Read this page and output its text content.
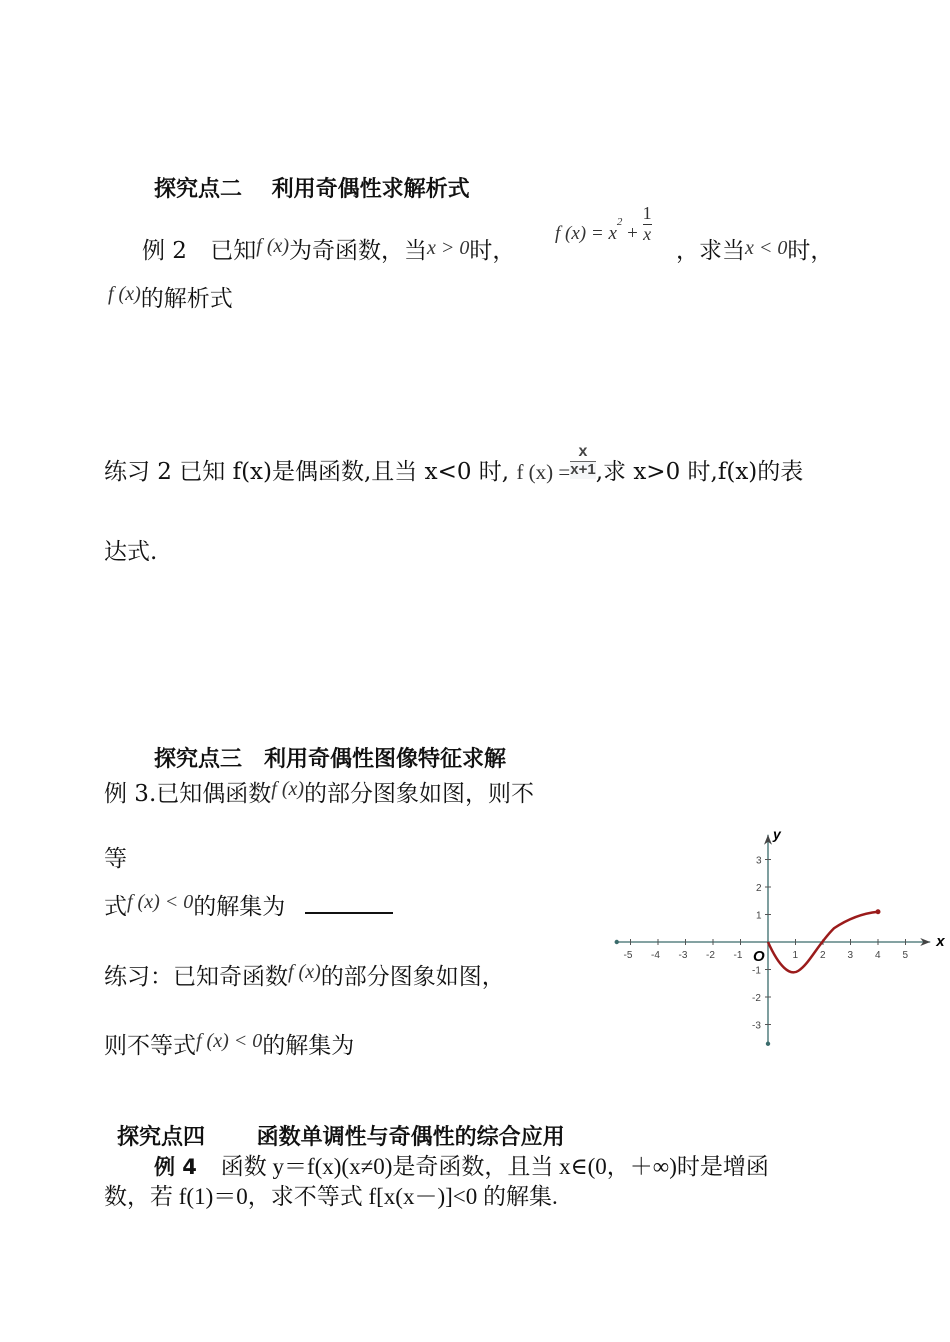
探究点二　 利用奇偶性求解析式
例 2 已知f (x)为奇函数，当x > 0时，
f $(x) = x^2 + \frac{1}{x}$
，求当x < 0时，
f (x)的解析式
练习 2 已知 f(x)是偶函数,且当 x<0 时, f $(x) = \frac{x}{x+1}$ ,求 x>0 时,f(x)的表
达式.
探究点三　利用奇偶性图像特征求解
例 3.已知偶函数f (x)的部分图象如图，则不
等
式f (x) < 0的解集为
练习：已知奇函数f (x)的部分图象如图，
则不等式f (x) < 0的解集为
-5 -4 -3 -2 -1	1 2 3 4 5
3
2
1
-1
-2
-3
x
y
O
探究点四　　 函数单调性与奇偶性的综合应用
例 4 函数 y＝f(x)(x≠0)是奇函数，且当 x∈(0，＋∞)时是增函
数，若 f(1)＝0，求不等式 f[x(x－)]<0 的解集.
